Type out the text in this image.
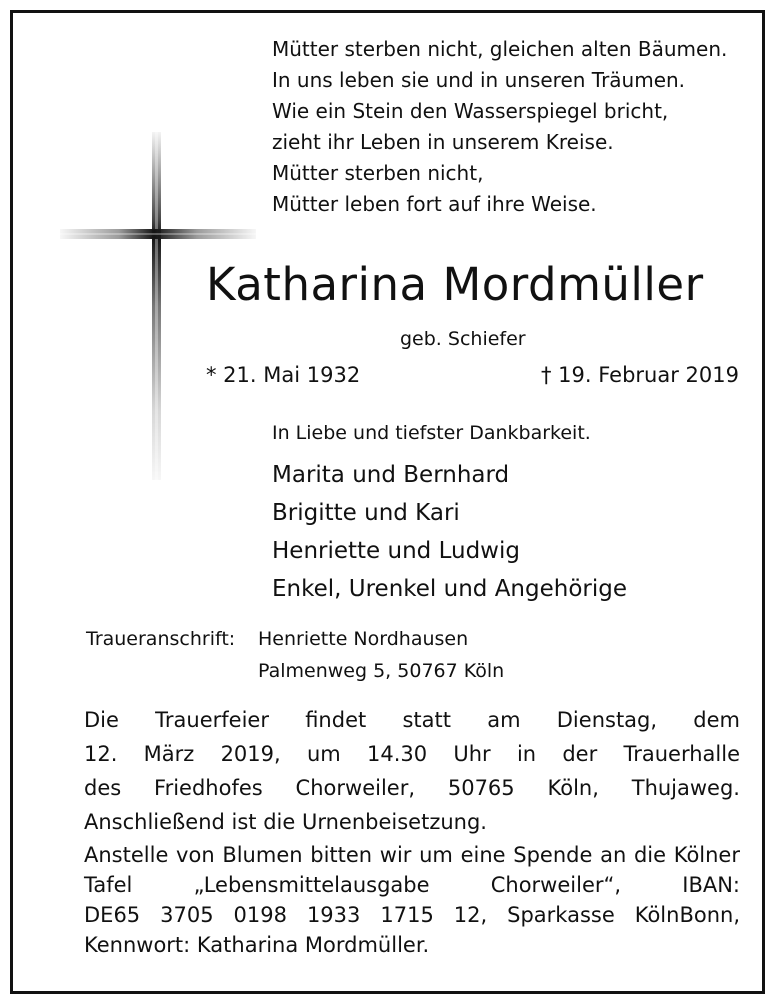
Mütter sterben nicht, gleichen alten Bäumen.
In uns leben sie und in unseren Träumen.
Wie ein Stein den Wasserspiegel bricht,
zieht ihr Leben in unserem Kreise.
Mütter sterben nicht,
Mütter leben fort auf ihre Weise.
Katharina Mordmüller
geb. Schiefer
* 21. Mai 1932	† 19. Februar 2019
In Liebe und tiefster Dankbarkeit.
Marita und Bernhard
Brigitte und Kari
Henriette und Ludwig
Enkel, Urenkel und Angehörige
Traueranschrift: Henriette Nordhausen
Palmenweg 5, 50767 Köln
Die Trauerfeier findet statt am Dienstag, dem
12. März 2019, um 14.30 Uhr in der Trauerhalle
des Friedhofes Chorweiler, 50765 Köln, Thujaweg.
Anschließend ist die Urnenbeisetzung.
Anstelle von Blumen bitten wir um eine Spende an die Kölner
Tafel „Lebensmittelausgabe Chorweiler“, IBAN:
DE65 3705 0198 1933 1715 12, Sparkasse KölnBonn,
Kennwort: Katharina Mordmüller.
